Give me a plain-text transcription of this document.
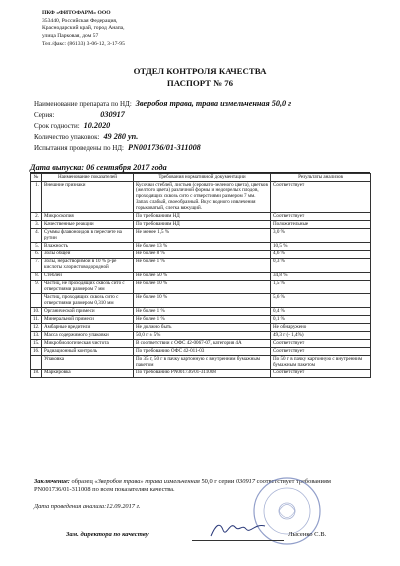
ПКФ «ФИТОФАРМ» ООО
353440, Российская Федерация,
Краснодарский край, город Анапа,
улица Парковая, дом 57
Тел./факс: (86133) 3-06-12, 3-17-95
ОТДЕЛ КОНТРОЛЯ КАЧЕСТВА
ПАСПОРТ № 76
Наименование препарата по НД: Зверобоя трава, трава измельченная 50,0 г
Серия:	030917
Срок годности: 10.2020
Количество упаковок: 49 280 уп.
Испытания проведены по НД: PN001736/01-311008
Дата выпуска: 06 сентября 2017 года
№	Наименование показателей	Требования нормативной документации	Результаты анализов
1.	Внешние признаки	Кусочки стеблей, листьев (серовато-зеленого цвета), цветков (желтого цвета) различной формы и недозрелых плодов, проходящих сквозь сито с отверстиями размером 7 мм. Запах слабый, своеобразный. Вкус водного извлечения горьковатый, слегка вяжущий.	Соответствует
2.	Микроскопия	По требованиям НД	Соответствует
3.	Качественные реакции	По требованиям НД	Положительные
4.	Суммы флавоноидов в пересчете на рутин	Не менее 1,5 %	3,0 %
5.	Влажность	Не более 13 %	10,5 %
6.	Золы общей	Не более 8 %	4,6 %
7.	Золы, нерастворимой в 10 % р-ре кислоты хлористоводородной	Не более 1 %	0,3 %
8.	Стеблей	Не более 50 %	34,8 %
9.	Частиц, не проходящих сквозь сито с отверстиями размером 7 мм	Не более 10 %	1,5 %
	Частиц, проходящих сквозь сито с отверстиями размером 0,310 мм	Не более 10 %	5,6 %
10.	Органической примеси	Не более 1 %	0,4 %
11.	Минеральной примеси	Не более 1 %	0,1 %
12.	Амбарные вредители	Не должно быть	Не обнаружено
13.	Масса содержимого упаковки	50,0 г ± 5%	49,3 г (- 1,4%)
15.	Микробиологическая чистота	В соответствии с ОФС 42-0067-07, категория 4А	Соответствует
16.	Радиационный контроль	По требованию ОФС 42-011-03	Соответствует
	Упаковка	По 35 г, 50 г в пачку картонную с внутренним бумажным пакетом	По 50 г в пачку картонную с внутренним бумажным пакетом
18.	Маркировка	По требованию PN001736/01-311008	Соответствует
Заключение: образец «Зверобоя трава» трава измельченная 50,0 г серии 030917 соответствует требованиям PN001736/01-311008 по всем показателям качества.
Дата проведения анализа:12.09.2017 г.
Зам. директора по качеству	Лысенко С.В.
